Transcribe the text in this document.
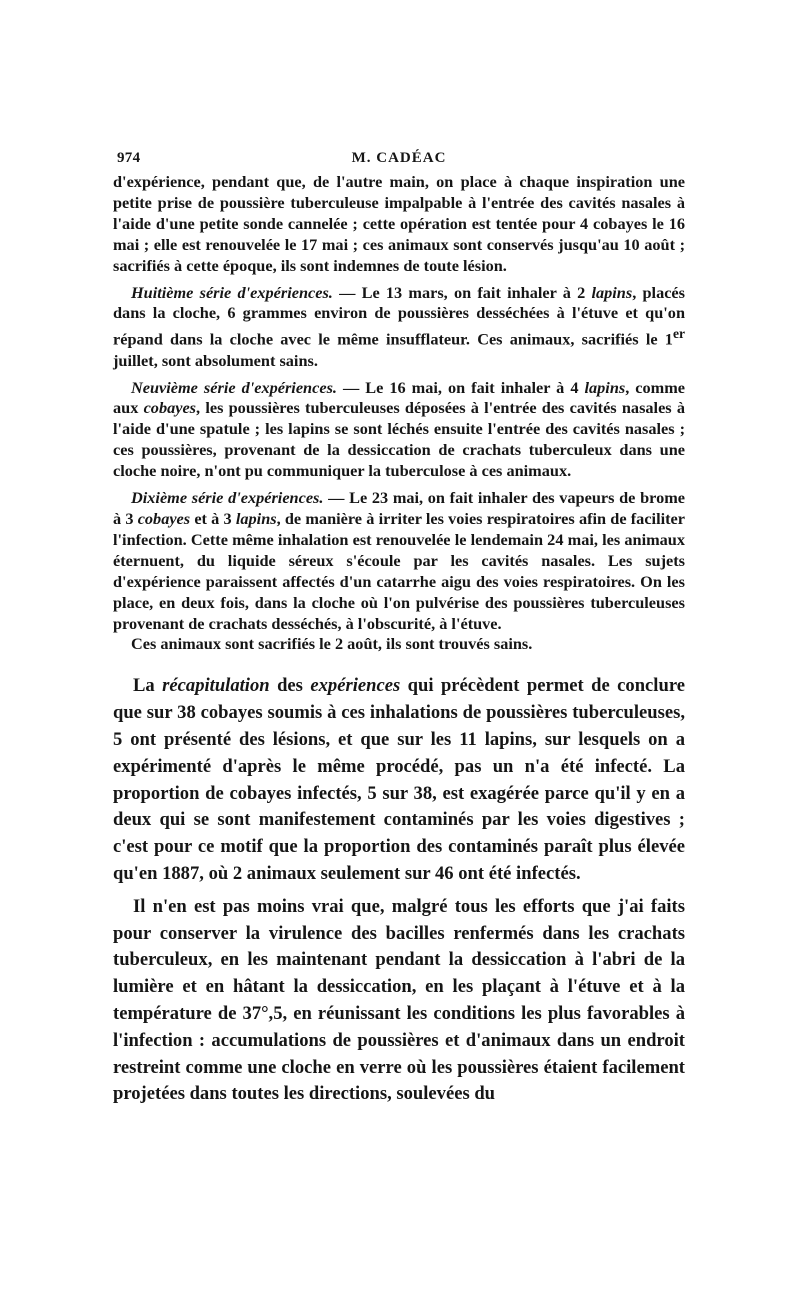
974	M. CADÉAC

d'expérience, pendant que, de l'autre main, on place à chaque inspiration une petite prise de poussière tuberculeuse impalpable à l'entrée des cavités nasales à l'aide d'une petite sonde cannelée ; cette opération est tentée pour 4 cobayes le 16 mai ; elle est renouvelée le 17 mai ; ces animaux sont conservés jusqu'au 10 août ; sacrifiés à cette époque, ils sont indemnes de toute lésion.

Huitième série d'expériences. — Le 13 mars, on fait inhaler à 2 lapins, placés dans la cloche, 6 grammes environ de poussières desséchées à l'étuve et qu'on répand dans la cloche avec le même insufflateur. Ces animaux, sacrifiés le 1er juillet, sont absolument sains.

Neuvième série d'expériences. — Le 16 mai, on fait inhaler à 4 lapins, comme aux cobayes, les poussières tuberculeuses déposées à l'entrée des cavités nasales à l'aide d'une spatule ; les lapins se sont léchés ensuite l'entrée des cavités nasales ; ces poussières, provenant de la dessiccation de crachats tuberculeux dans une cloche noire, n'ont pu communiquer la tuberculose à ces animaux.

Dixième série d'expériences. — Le 23 mai, on fait inhaler des vapeurs de brome à 3 cobayes et à 3 lapins, de manière à irriter les voies respiratoires afin de faciliter l'infection. Cette même inhalation est renouvelée le lendemain 24 mai, les animaux éternuent, du liquide séreux s'écoule par les cavités nasales. Les sujets d'expérience paraissent affectés d'un catarrhe aigu des voies respiratoires. On les place, en deux fois, dans la cloche où l'on pulvérise des poussières tuberculeuses provenant de crachats desséchés, à l'obscurité, à l'étuve.

Ces animaux sont sacrifiés le 2 août, ils sont trouvés sains.

La récapitulation des expériences qui précèdent permet de conclure que sur 38 cobayes soumis à ces inhalations de poussières tuberculeuses, 5 ont présenté des lésions, et que sur les 11 lapins, sur lesquels on a expérimenté d'après le même procédé, pas un n'a été infecté. La proportion de cobayes infectés, 5 sur 38, est exagérée parce qu'il y en a deux qui se sont manifestement contaminés par les voies digestives ; c'est pour ce motif que la proportion des contaminés paraît plus élevée qu'en 1887, où 2 animaux seulement sur 46 ont été infectés.

Il n'en est pas moins vrai que, malgré tous les efforts que j'ai faits pour conserver la virulence des bacilles renfermés dans les crachats tuberculeux, en les maintenant pendant la dessiccation à l'abri de la lumière et en hâtant la dessiccation, en les plaçant à l'étuve et à la température de 37°,5, en réunissant les conditions les plus favorables à l'infection : accumulations de poussières et d'animaux dans un endroit restreint comme une cloche en verre où les poussières étaient facilement projetées dans toutes les directions, soulevées du
